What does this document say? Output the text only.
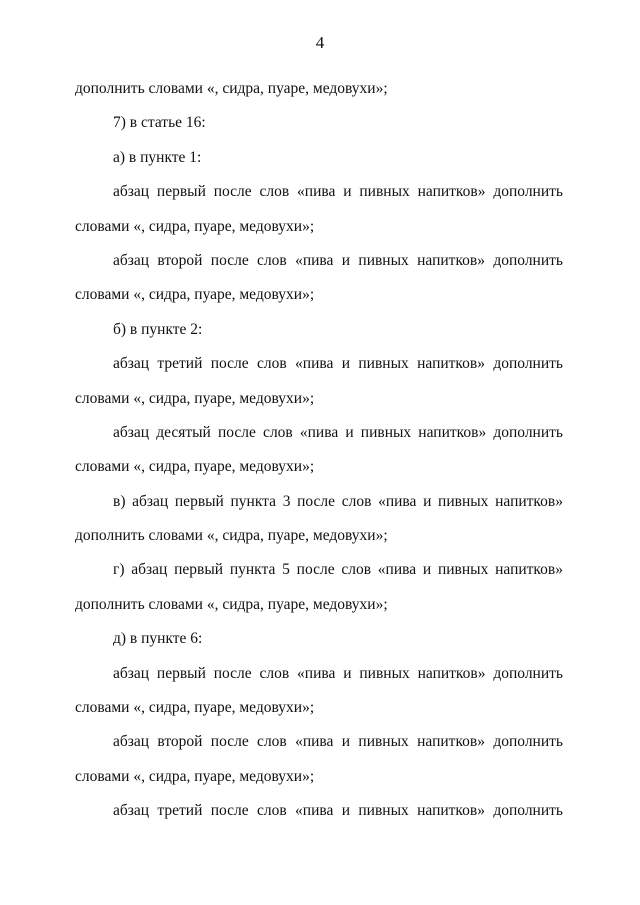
4
дополнить словами «, сидра, пуаре, медовухи»;
7) в статье 16:
а) в пункте 1:
абзац первый после слов «пива и пивных напитков» дополнить
словами «, сидра, пуаре, медовухи»;
абзац второй после слов «пива и пивных напитков» дополнить
словами «, сидра, пуаре, медовухи»;
б) в пункте 2:
абзац третий после слов «пива и пивных напитков» дополнить
словами «, сидра, пуаре, медовухи»;
абзац десятый после слов «пива и пивных напитков» дополнить
словами «, сидра, пуаре, медовухи»;
в) абзац первый пункта 3 после слов «пива и пивных напитков»
дополнить словами «, сидра, пуаре, медовухи»;
г) абзац первый пункта 5 после слов «пива и пивных напитков»
дополнить словами «, сидра, пуаре, медовухи»;
д) в пункте 6:
абзац первый после слов «пива и пивных напитков» дополнить
словами «, сидра, пуаре, медовухи»;
абзац второй после слов «пива и пивных напитков» дополнить
словами «, сидра, пуаре, медовухи»;
абзац третий после слов «пива и пивных напитков» дополнить
